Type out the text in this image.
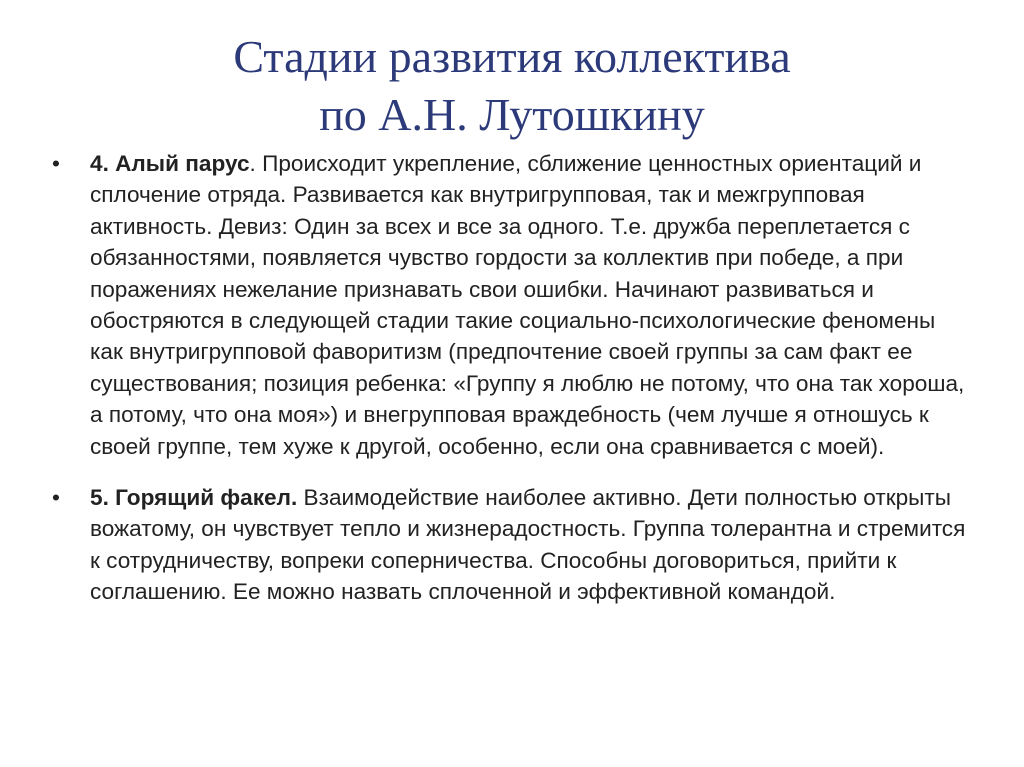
Стадии развития коллектива
по А.Н. Лутошкину
•	4. Алый парус. Происходит укрепление, сближение ценностных ориентаций и сплочение отряда. Развивается как внутригрупповая, так и межгрупповая активность. Девиз: Один за всех и все за одного. Т.е. дружба переплетается с обязанностями, появляется чувство гордости за коллектив при победе, а при поражениях нежелание признавать свои ошибки. Начинают развиваться и обостряются в следующей стадии такие социально-психологические феномены как внутригрупповой фаворитизм (предпочтение своей группы за сам факт ее существования; позиция ребенка: «Группу я люблю не потому, что она так хороша, а потому, что она моя») и внегрупповая враждебность (чем лучше я отношусь к своей группе, тем хуже к другой, особенно, если она сравнивается с моей).
•	5. Горящий факел. Взаимодействие наиболее активно. Дети полностью открыты вожатому, он чувствует тепло и жизнерадостность. Группа толерантна и стремится к сотрудничеству, вопреки соперничества. Способны договориться, прийти к соглашению. Ее можно назвать сплоченной и эффективной командой.
